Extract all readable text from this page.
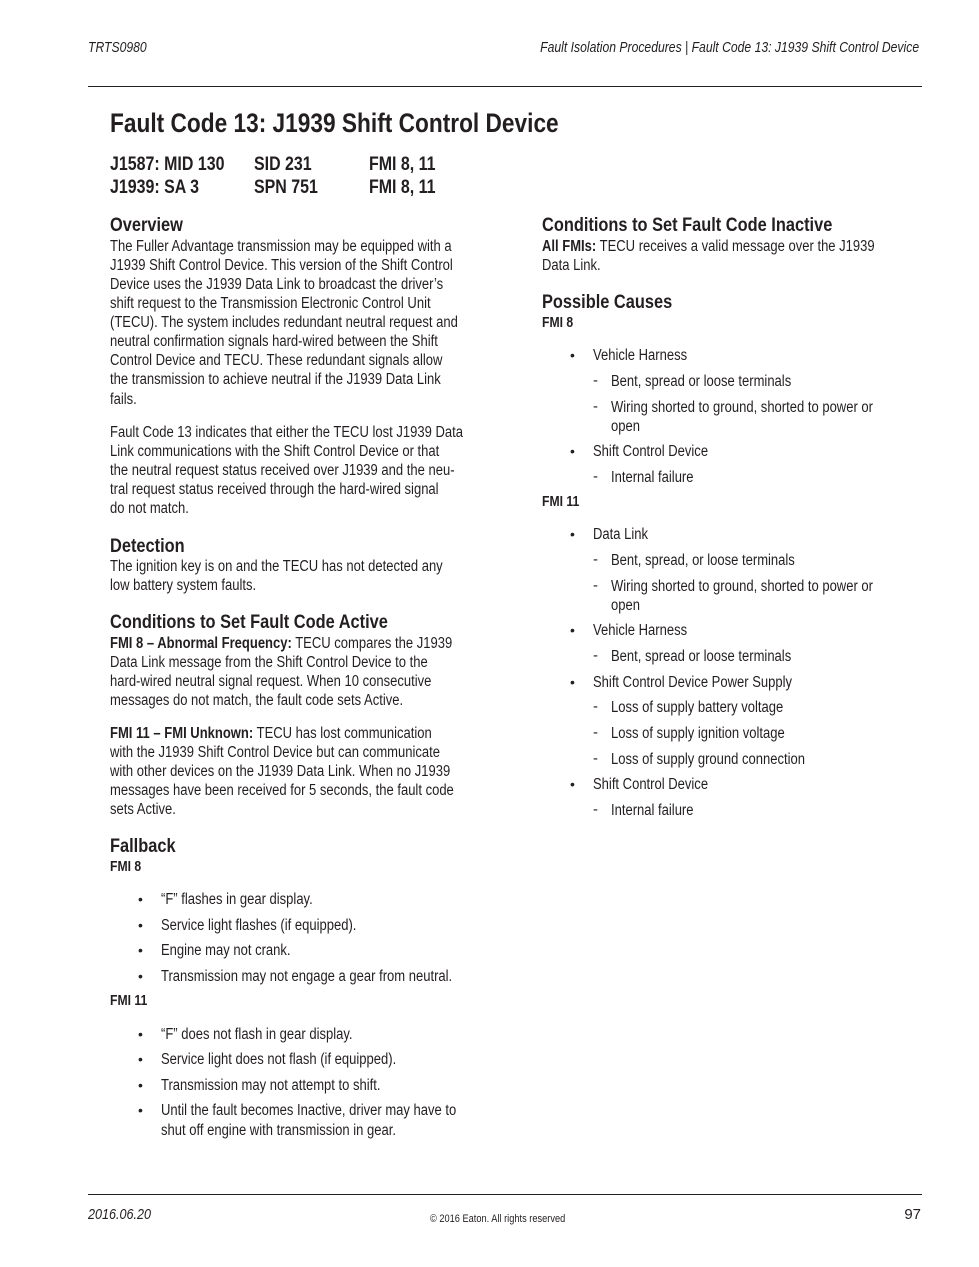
TRTS0980	Fault Isolation Procedures | Fault Code 13: J1939 Shift Control Device
Fault Code 13: J1939 Shift Control Device
J1587: MID 130	SID 231	FMI 8, 11
J1939: SA 3	SPN 751	FMI 8, 11
Overview
The Fuller Advantage transmission may be equipped with a
J1939 Shift Control Device. This version of the Shift Control
Device uses the J1939 Data Link to broadcast the driver’s
shift request to the Transmission Electronic Control Unit
(TECU). The system includes redundant neutral request and
neutral confirmation signals hard-wired between the Shift
Control Device and TECU. These redundant signals allow
the transmission to achieve neutral if the J1939 Data Link
fails.
Fault Code 13 indicates that either the TECU lost J1939 Data
Link communications with the Shift Control Device or that
the neutral request status received over J1939 and the neu-
tral request status received through the hard-wired signal
do not match.
Detection
The ignition key is on and the TECU has not detected any
low battery system faults.
Conditions to Set Fault Code Active
FMI 8 – Abnormal Frequency: TECU compares the J1939
Data Link message from the Shift Control Device to the
hard-wired neutral signal request. When 10 consecutive
messages do not match, the fault code sets Active.
FMI 11 – FMI Unknown: TECU has lost communication
with the J1939 Shift Control Device but can communicate
with other devices on the J1939 Data Link. When no J1939
messages have been received for 5 seconds, the fault code
sets Active.
Fallback
FMI 8
• “F” flashes in gear display.
• Service light flashes (if equipped).
• Engine may not crank.
• Transmission may not engage a gear from neutral.
FMI 11
• “F” does not flash in gear display.
• Service light does not flash (if equipped).
• Transmission may not attempt to shift.
• Until the fault becomes Inactive, driver may have to
shut off engine with transmission in gear.
Conditions to Set Fault Code Inactive
All FMIs: TECU receives a valid message over the J1939
Data Link.
Possible Causes
FMI 8
• Vehicle Harness
- Bent, spread or loose terminals
- Wiring shorted to ground, shorted to power or
open
• Shift Control Device
- Internal failure
FMI 11
• Data Link
- Bent, spread, or loose terminals
- Wiring shorted to ground, shorted to power or
open
• Vehicle Harness
- Bent, spread or loose terminals
• Shift Control Device Power Supply
- Loss of supply battery voltage
- Loss of supply ignition voltage
- Loss of supply ground connection
• Shift Control Device
- Internal failure
2016.06.20	© 2016 Eaton. All rights reserved	97
